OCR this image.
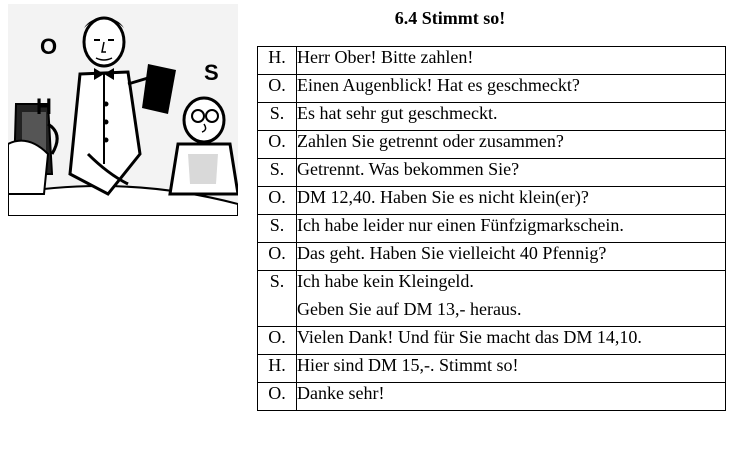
O
S
H
6.4 Stimmt so!
H.	Herr Ober! Bitte zahlen!

O.	Einen Augenblick! Hat es geschmeckt?

S.	Es hat sehr gut geschmeckt.

O.	Zahlen Sie getrennt oder zusammen?

S.	Getrennt. Was bekommen Sie?

O.	DM 12,40. Haben Sie es nicht klein(er)?

S.	Ich habe leider nur einen Fünfzigmarkschein.

O.	Das geht. Haben Sie vielleicht 40 Pfennig?

S.	Ich habe kein Kleingeld.
Geben Sie auf DM 13,- heraus.

O.	Vielen Dank! Und für Sie macht das DM 14,10.

H.	Hier sind DM 15,-. Stimmt so!

O.	Danke sehr!
